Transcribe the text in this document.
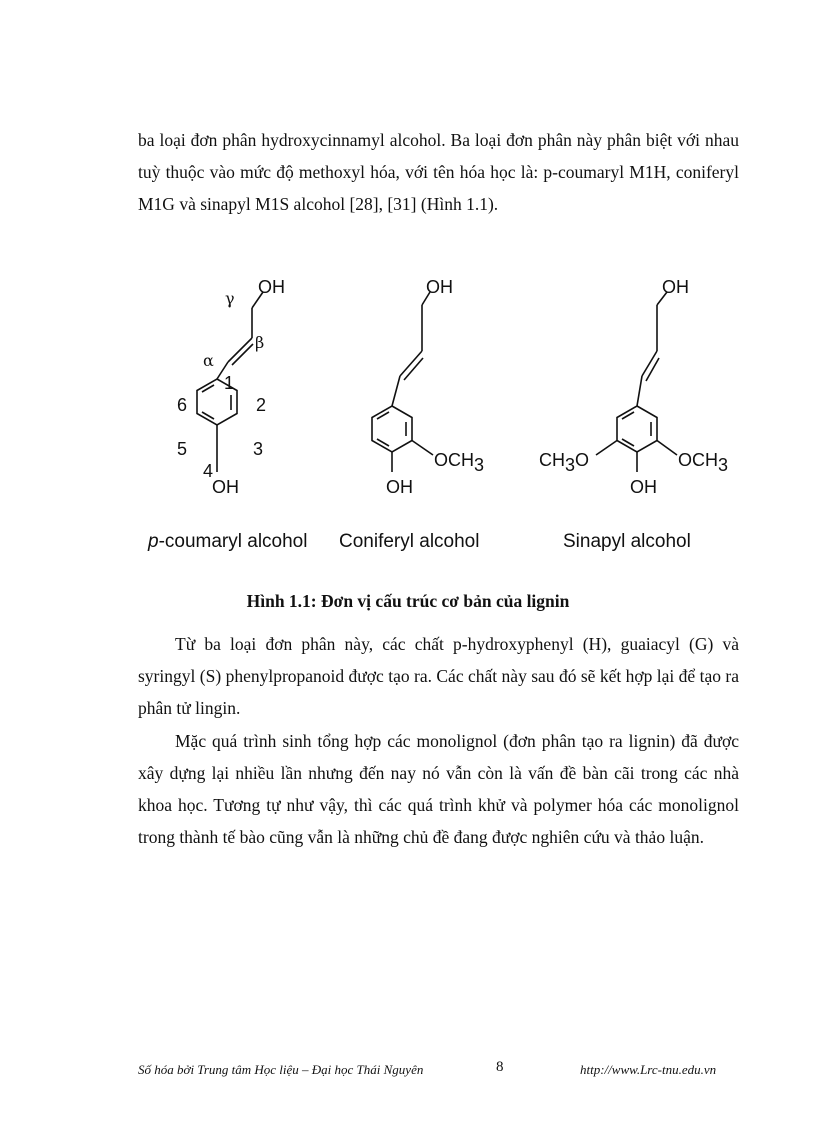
ba loại đơn phân hydroxycinnamyl alcohol. Ba loại đơn phân này phân biệt với nhau tuỳ thuộc vào mức độ methoxyl hóa, với tên hóa học là: p-coumaryl M1H, coniferyl M1G và sinapyl M1S alcohol [28], [31] (Hình 1.1).

OH
OH
γ
β
α
1
2
3
4
5
6
OH
OH
OCH3
OH
OH
OCH3
CH3O
p-coumaryl alcohol Coniferyl alcohol	Sinapyl alcohol
Hình 1.1: Đơn vị cấu trúc cơ bản của lignin

Từ ba loại đơn phân này, các chất p-hydroxyphenyl (H), guaiacyl (G) và syringyl (S) phenylpropanoid được tạo ra. Các chất này sau đó sẽ kết hợp lại để tạo ra phân tử lingin.

Mặc quá trình sinh tổng hợp các monolignol (đơn phân tạo ra lignin) đã được xây dựng lại nhiều lần nhưng đến nay nó vẫn còn là vấn đề bàn cãi trong các nhà khoa học. Tương tự như vậy, thì các quá trình khử và polymer hóa các monolignol trong thành tế bào cũng vẫn là những chủ đề đang được nghiên cứu và thảo luận.

Số hóa bởi Trung tâm Học liệu – Đại học Thái Nguyên	8	http://www.Lrc-tnu.edu.vn
